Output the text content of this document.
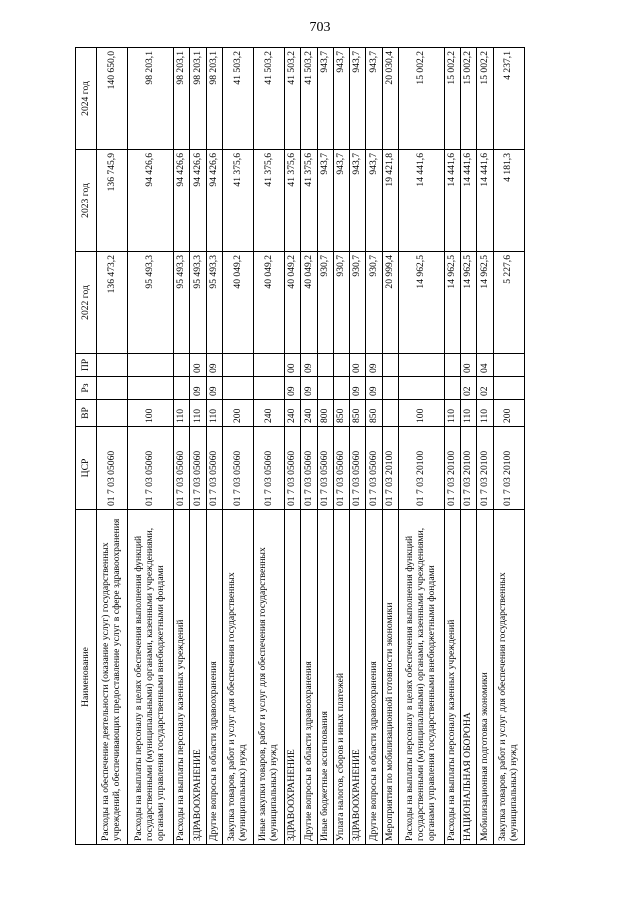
703
Наименование	ЦСР	ВР	Рз	ПР	2022 год	2023 год	2024 год
Расходы на обеспечение деятельности (оказание услуг) государственных учреждений, обеспечивающих предоставление услуг в сфере здравоохранения	01 7 03 05060				136 473,2	136 745,9	140 650,0
Расходы на выплаты персоналу в целях обеспечения выполнения функций государственными (муниципальными) органами, казенными учреждениями, органами управления государственными внебюджетными фондами	01 7 03 05060	100			95 493,3	94 426,6	98 203,1
Расходы на выплаты персоналу казенных учреждений	01 7 03 05060	110			95 493,3	94 426,6	98 203,1
ЗДРАВООХРАНЕНИЕ	01 7 03 05060	110	09	00	95 493,3	94 426,6	98 203,1
Другие вопросы в области здравоохранения	01 7 03 05060	110	09	09	95 493,3	94 426,6	98 203,1
Закупка товаров, работ и услуг для обеспечения государственных (муниципальных) нужд	01 7 03 05060	200			40 049,2	41 375,6	41 503,2
Иные закупки товаров, работ и услуг для обеспечения государственных (муниципальных) нужд	01 7 03 05060	240			40 049,2	41 375,6	41 503,2
ЗДРАВООХРАНЕНИЕ	01 7 03 05060	240	09	00	40 049,2	41 375,6	41 503,2
Другие вопросы в области здравоохранения	01 7 03 05060	240	09	09	40 049,2	41 375,6	41 503,2
Иные бюджетные ассигнования	01 7 03 05060	800			930,7	943,7	943,7
Уплата налогов, сборов и иных платежей	01 7 03 05060	850			930,7	943,7	943,7
ЗДРАВООХРАНЕНИЕ	01 7 03 05060	850	09	00	930,7	943,7	943,7
Другие вопросы в области здравоохранения	01 7 03 05060	850	09	09	930,7	943,7	943,7
Мероприятия по мобилизационной готовности экономики	01 7 03 20100				20 999,4	19 421,8	20 030,4
Расходы на выплаты персоналу в целях обеспечения выполнения функций государственными (муниципальными) органами, казенными учреждениями, органами управления государственными внебюджетными фондами	01 7 03 20100	100			14 962,5	14 441,6	15 002,2
Расходы на выплаты персоналу казенных учреждений	01 7 03 20100	110			14 962,5	14 441,6	15 002,2
НАЦИОНАЛЬНАЯ ОБОРОНА	01 7 03 20100	110	02	00	14 962,5	14 441,6	15 002,2
Мобилизационная подготовка экономики	01 7 03 20100	110	02	04	14 962,5	14 441,6	15 002,2
Закупка товаров, работ и услуг для обеспечения государственных (муниципальных) нужд	01 7 03 20100	200			5 227,6	4 181,3	4 237,1
